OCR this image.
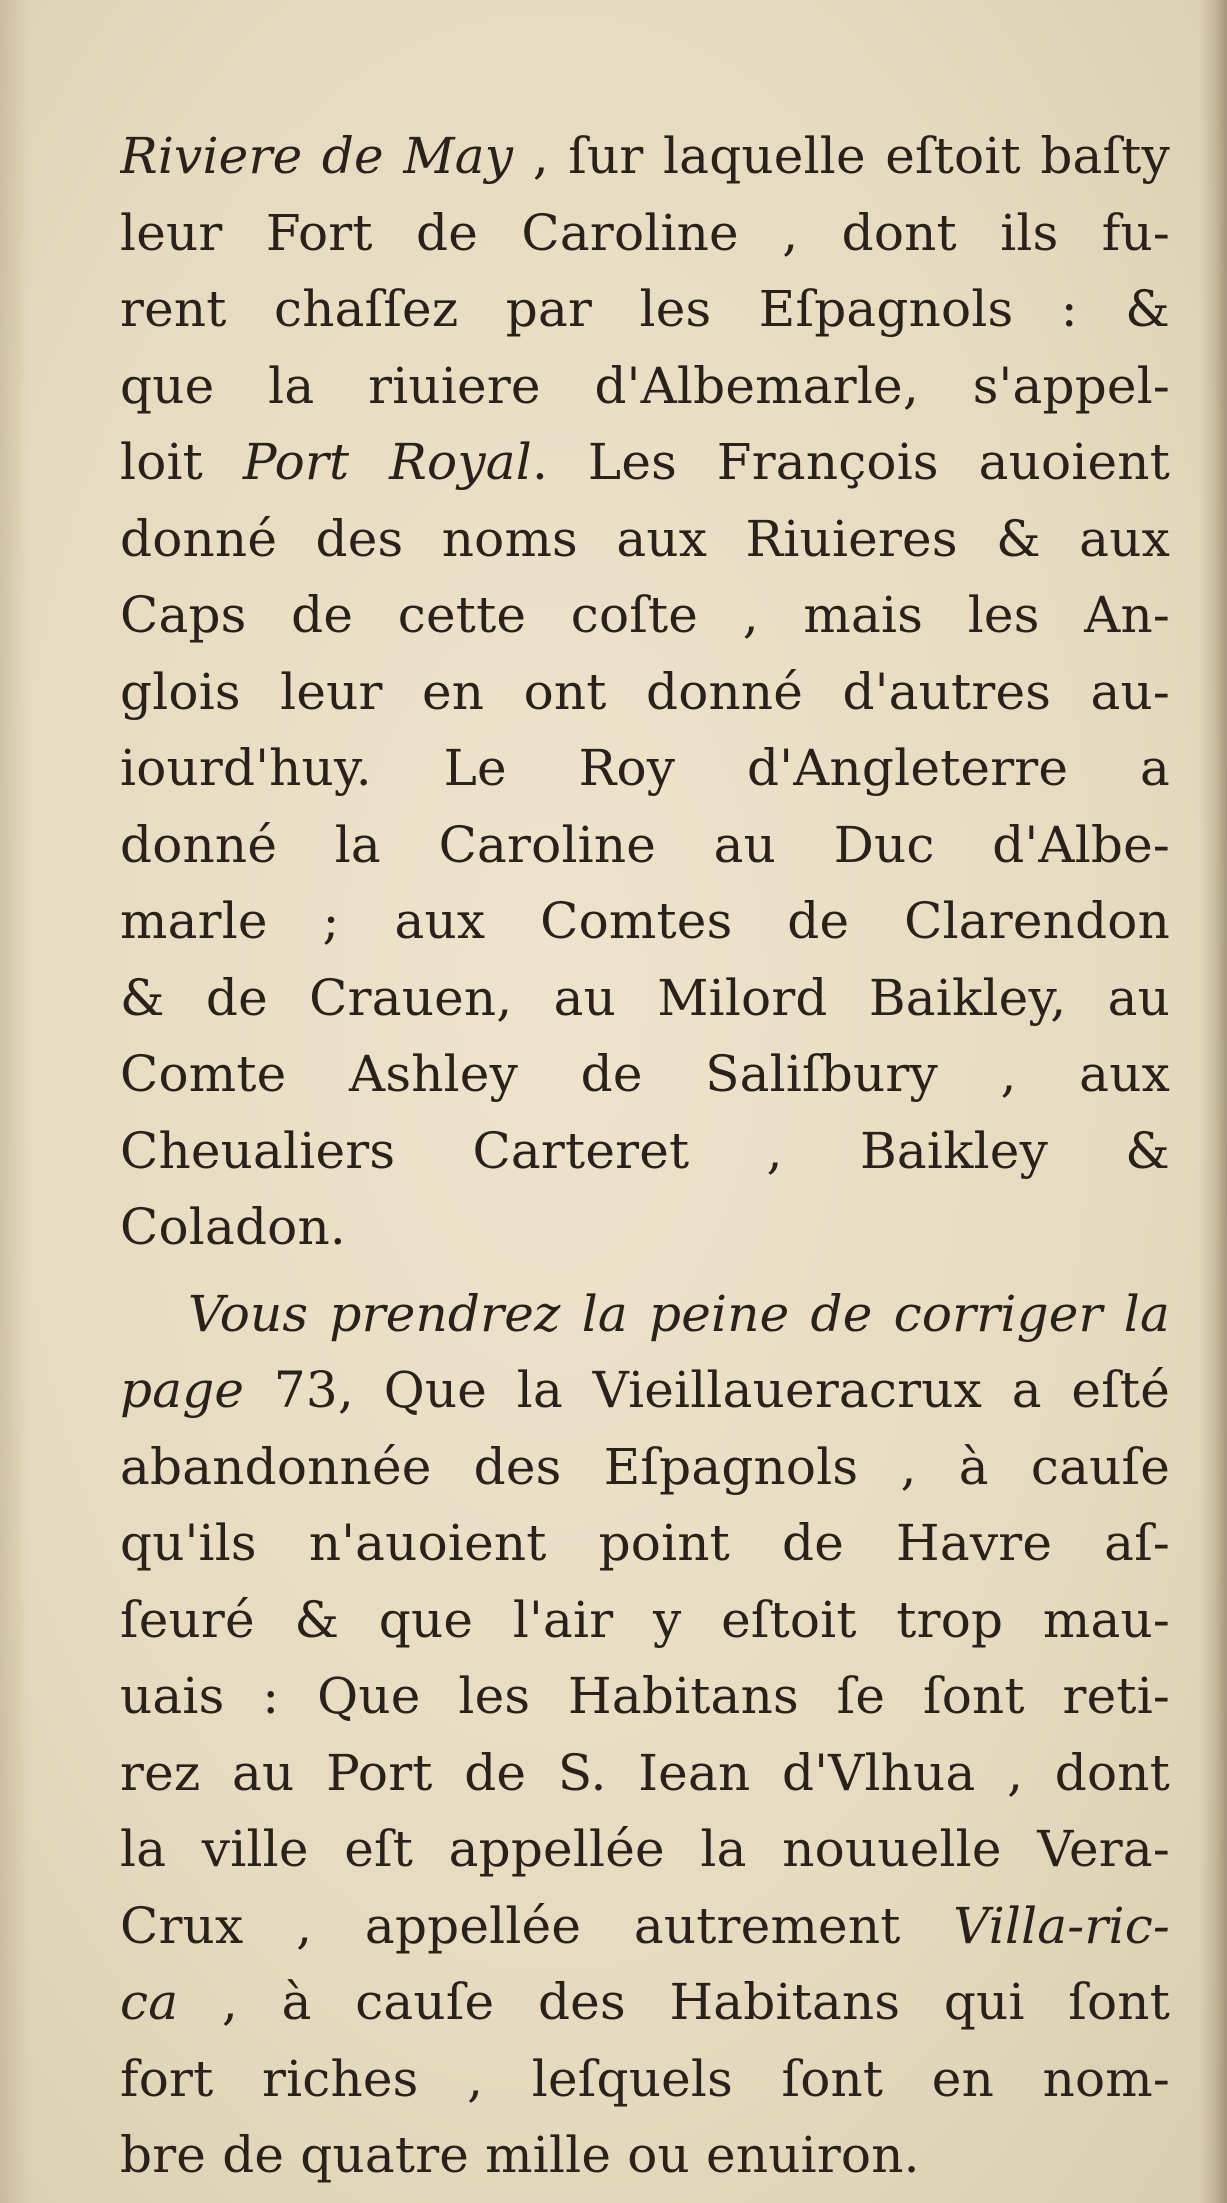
Riviere de May , ſur laquelle eſtoit baſty
leur Fort de Caroline , dont ils fu-
rent chaſſez par les Eſpagnols : &
que la riuiere d'Albemarle, s'appel-
loit Port Royal. Les François auoient
donné des noms aux Riuieres & aux
Caps de cette coſte , mais les An-
glois leur en ont donné d'autres au-
iourd'huy. Le Roy d'Angleterre a
donné la Caroline au Duc d'Albe-
marle ; aux Comtes de Clarendon
& de Crauen, au Milord Baikley, au
Comte Ashley de Saliſbury , aux
Cheualiers Carteret , Baikley &
Coladon.
Vous prendrez la peine de corriger la
page 73, Que la Vieillaueracrux a eſté
abandonnée des Eſpagnols , à cauſe
qu'ils n'auoient point de Havre aſ-
ſeuré & que l'air y eſtoit trop mau-
uais : Que les Habitans ſe ſont reti-
rez au Port de S. Iean d'Vlhua , dont
la ville eſt appellée la nouuelle Vera-
Crux , appellée autrement Villa-ric-
ca , à cauſe des Habitans qui ſont
fort riches , leſquels ſont en nom-
bre de quatre mille ou enuiron.
